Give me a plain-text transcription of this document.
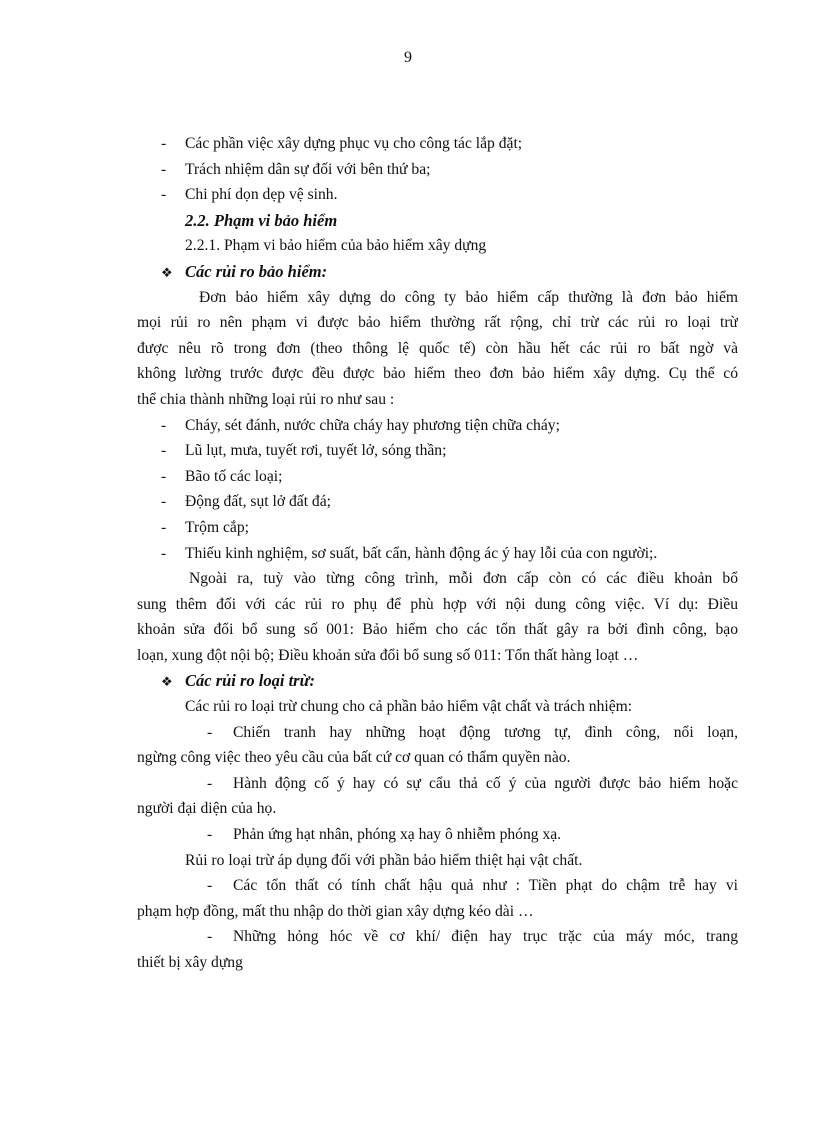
9
- Các phần việc xây dựng phục vụ cho công tác lắp đặt;
- Trách nhiệm dân sự đối với bên thứ ba;
- Chi phí dọn dẹp vệ sinh.
2.2. Phạm vi bảo hiểm
2.2.1. Phạm vi bảo hiểm của bảo hiểm xây dựng
❖ Các rủi ro bảo hiểm:
Đơn bảo hiểm xây dựng do công ty bảo hiểm cấp thường là đơn bảo hiểm
mọi rủi ro nên phạm vi được bảo hiểm thường rất rộng, chỉ trừ các rủi ro loại trừ
được nêu rõ trong đơn (theo thông lệ quốc tế) còn hầu hết các rủi ro bất ngờ và
không lường trước được đều được bảo hiểm theo đơn bảo hiểm xây dựng. Cụ thể có
thể chia thành những loại rủi ro như sau :
- Cháy, sét đánh, nước chữa cháy hay phương tiện chữa cháy;
- Lũ lụt, mưa, tuyết rơi, tuyết lở, sóng thần;
- Bão tố các loại;
- Động đất, sụt lở đất đá;
- Trộm cắp;
- Thiếu kinh nghiệm, sơ suất, bất cẩn, hành động ác ý hay lỗi của con người;.
Ngoài ra, tuỳ vào từng công trình, mỗi đơn cấp còn có các điều khoản bổ
sung thêm đối với các rủi ro phụ để phù hợp với nội dung công việc. Ví dụ: Điều
khoản sửa đổi bổ sung số 001: Bảo hiểm cho các tổn thất gây ra bởi đình công, bạo
loạn, xung đột nội bộ; Điều khoản sửa đổi bổ sung số 011: Tổn thất hàng loạt …
❖ Các rủi ro loại trừ:
Các rủi ro loại trừ chung cho cả phần bảo hiểm vật chất và trách nhiệm:
- Chiến tranh hay những hoạt động tương tự, đình công, nổi loạn,
ngừng công việc theo yêu cầu của bất cứ cơ quan có thẩm quyền nào.
- Hành động cố ý hay có sự cẩu thả cố ý của người được bảo hiểm hoặc
người đại diện của họ.
- Phản ứng hạt nhân, phóng xạ hay ô nhiễm phóng xạ.
Rủi ro loại trừ áp dụng đối với phần bảo hiểm thiệt hại vật chất.
- Các tổn thất có tính chất hậu quả như : Tiền phạt do chậm trễ hay vi
phạm hợp đồng, mất thu nhập do thời gian xây dựng kéo dài …
- Những hỏng hóc về cơ khí/ điện hay trục trặc của máy móc, trang
thiết bị xây dựng
